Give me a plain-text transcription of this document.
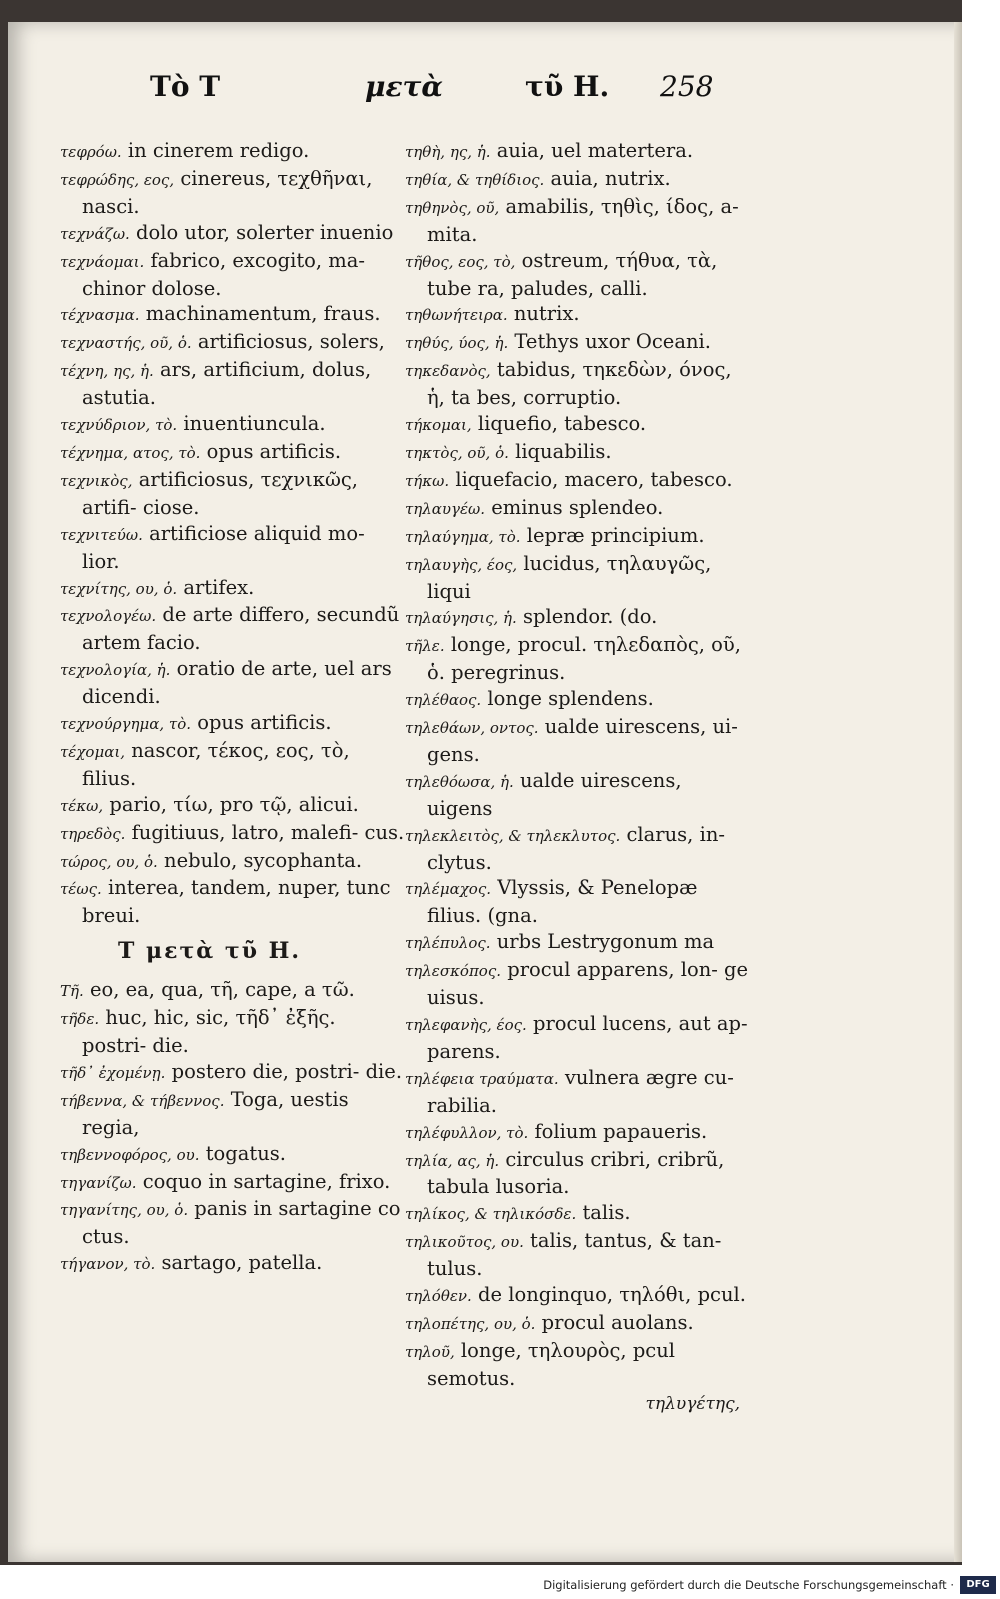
Τὸ Τ	μετὰ	τῦ Η. 258

τεφρόω. in cinerem redigo.

τεφρώδης, εος, cinereus, τεχθῆναι, nasci.

τεχνάζω. dolo utor, solerter inuenio

τεχνάομαι. fabrico, excogito, ma- chinor dolose.

τέχνασμα. machinamentum, fraus.

τεχναστής, οῦ, ὁ. artificiosus, solers,

τέχνη, ης, ἡ. ars, artificium, dolus, astutia.

τεχνύδριον, τὸ. inuentiuncula.

τέχνημα, ατος, τὸ. opus artificis.

τεχνικὸς, artificiosus, τεχνικῶς, artifi- ciose.

τεχνιτεύω. artificiose aliquid mo- lior.

τεχνίτης, ου, ὁ. artifex.

τεχνολογέω. de arte differo, secundũ artem facio.

τεχνολογία, ἡ. oratio de arte, uel ars dicendi.

τεχνούργημα, τὸ. opus artificis.

τέχομαι, nascor, τέκος, εος, τὸ, filius.

τέκω, pario, τίω, pro τῷ, alicui.

τηρεδὸς. fugitiuus, latro, malefi- cus.

τώρος, ου, ὁ. nebulo, sycophanta.

τέως. interea, tandem, nuper, tunc breui.

Τ μετὰ τῦ Η.

Τῆ. eo, ea, qua, τῆ, cape, a τῶ.

τῆδε. huc, hic, sic, τῆδ᾽ ἐξῆς. postri- die.

τῆδ᾽ ἐχομένῃ. postero die, postri- die.

τήβεννα, & τήβεννος. Toga, uestis regia,

τηβεννοφόρος, ου. togatus.

τηγανίζω. coquo in sartagine, frixo.

τηγανίτης, ου, ὁ. panis in sartagine co ctus.

τήγανον, τὸ. sartago, patella.

τηθὴ, ης, ἡ. auia, uel matertera.

τηθία, & τηθίδιος. auia, nutrix.

τηθηνὸς, οῦ, amabilis, τηθὶς, ίδος, a- mita.

τῆθος, εος, τὸ, ostreum, τήθυα, τὰ, tube ra, paludes, calli.

τηθωνήτειρα. nutrix.

τηθύς, ύος, ἡ. Tethys uxor Oceani.

τηκεδανὸς, tabidus, τηκεδὼν, όνος, ἡ, ta bes, corruptio.

τήκομαι, liquefio, tabesco.

τηκτὸς, οῦ, ὁ. liquabilis.

τήκω. liquefacio, macero, tabesco.

τηλαυγέω. eminus splendeo.

τηλαύγημα, τὸ. lepræ principium.

τηλαυγὴς, έος, lucidus, τηλαυγῶς, liqui

τηλαύγησις, ἡ. splendor. (do.

τῆλε. longe, procul. τηλεδαπὸς, οῦ, ὁ. peregrinus.

τηλέθαος. longe splendens.

τηλεθάων, οντος. ualde uirescens, ui- gens.

τηλεθόωσα, ἡ. ualde uirescens, uigens

τηλεκλειτὸς, & τηλεκλυτος. clarus, in- clytus.

τηλέμαχος. Vlyssis, & Penelopæ filius. (gna.

τηλέπυλος. urbs Lestrygonum ma

τηλεσκόπος. procul apparens, lon- ge uisus.

τηλεφανὴς, έος. procul lucens, aut ap- parens.

τηλέφεια τραύματα. vulnera ægre cu- rabilia.

τηλέφυλλον, τὸ. folium papaueris.

τηλία, ας, ἡ. circulus cribri, cribrũ, tabula lusoria.

τηλίκος, & τηλικόσδε. talis.

τηλικοῦτος, ου. talis, tantus, & tan- tulus.

τηλόθεν. de longinquo, τηλόθι, pcul.

τηλοπέτης, ου, ὁ. procul auolans.

τηλοῦ, longe, τηλουρὸς, pcul semotus.

τηλυγέτης,

Digitalisierung gefördert durch die Deutsche Forschungsgemeinschaft ·	DFG
